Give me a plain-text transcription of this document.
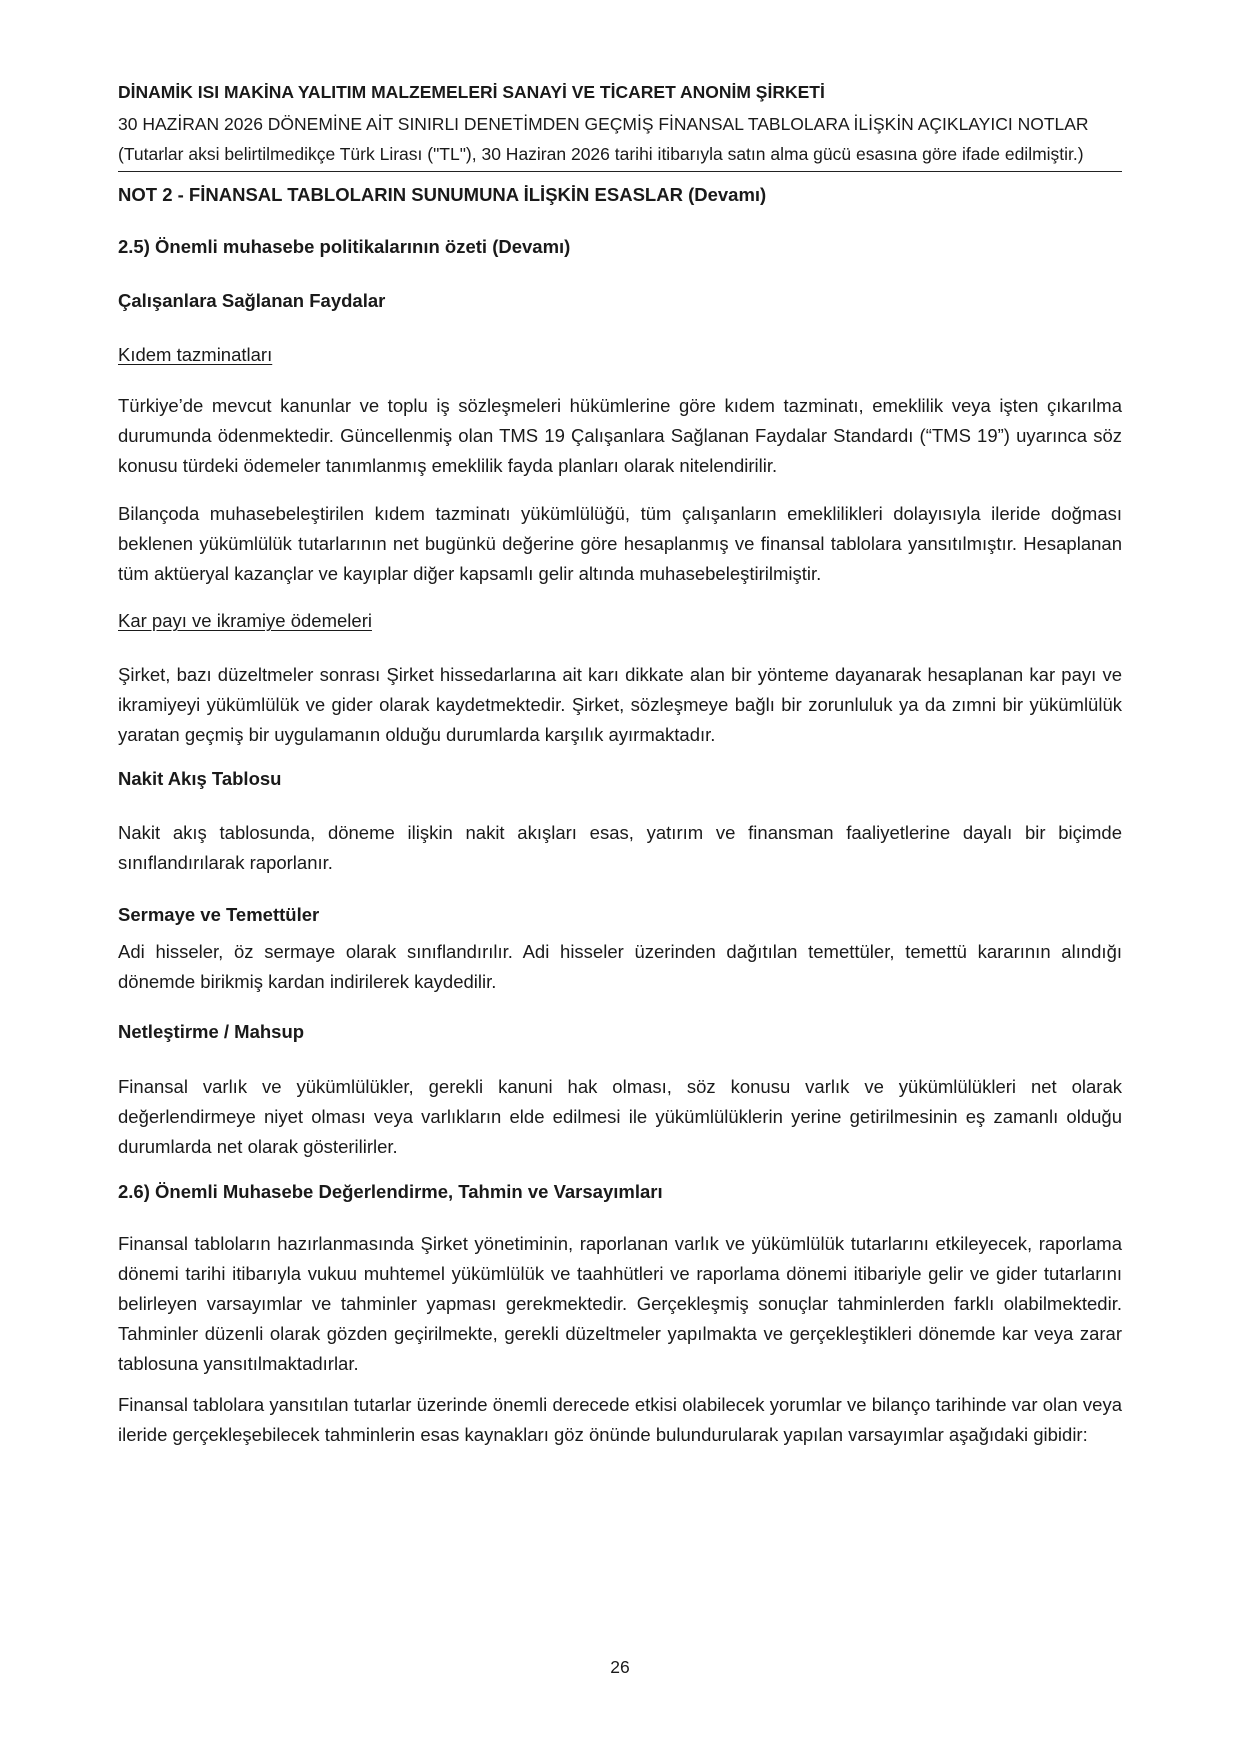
DİNAMİK ISI MAKİNA YALITIM MALZEMELERİ SANAYİ VE TİCARET ANONİM ŞİRKETİ
30 HAZİRAN 2026 DÖNEMİNE AİT SINIRLI DENETİMDEN GEÇMİŞ FİNANSAL TABLOLARA İLİŞKİN AÇIKLAYICI NOTLAR
(Tutarlar aksi belirtilmedikçe Türk Lirası ("TL"), 30 Haziran 2026 tarihi itibarıyla satın alma gücü esasına göre ifade edilmiştir.)
NOT 2 - FİNANSAL TABLOLARIN SUNUMUNA İLİŞKİN ESASLAR (Devamı)
2.5) Önemli muhasebe politikalarının özeti (Devamı)
Çalışanlara Sağlanan Faydalar
Kıdem tazminatları
Türkiye’de mevcut kanunlar ve toplu iş sözleşmeleri hükümlerine göre kıdem tazminatı, emeklilik veya işten çıkarılma durumunda ödenmektedir. Güncellenmiş olan TMS 19 Çalışanlara Sağlanan Faydalar Standardı (“TMS 19”) uyarınca söz konusu türdeki ödemeler tanımlanmış emeklilik fayda planları olarak nitelendirilir.
Bilançoda muhasebeleştirilen kıdem tazminatı yükümlülüğü, tüm çalışanların emeklilikleri dolayısıyla ileride doğması beklenen yükümlülük tutarlarının net bugünkü değerine göre hesaplanmış ve finansal tablolara yansıtılmıştır. Hesaplanan tüm aktüeryal kazançlar ve kayıplar diğer kapsamlı gelir altında muhasebeleştirilmiştir.
Kar payı ve ikramiye ödemeleri
Şirket, bazı düzeltmeler sonrası Şirket hissedarlarına ait karı dikkate alan bir yönteme dayanarak hesaplanan kar payı ve ikramiyeyi yükümlülük ve gider olarak kaydetmektedir. Şirket, sözleşmeye bağlı bir zorunluluk ya da zımni bir yükümlülük yaratan geçmiş bir uygulamanın olduğu durumlarda karşılık ayırmaktadır.
Nakit Akış Tablosu
Nakit akış tablosunda, döneme ilişkin nakit akışları esas, yatırım ve finansman faaliyetlerine dayalı bir biçimde sınıflandırılarak raporlanır.
Sermaye ve Temettüler
Adi hisseler, öz sermaye olarak sınıflandırılır. Adi hisseler üzerinden dağıtılan temettüler, temettü kararının alındığı dönemde birikmiş kardan indirilerek kaydedilir.
Netleştirme / Mahsup
Finansal varlık ve yükümlülükler, gerekli kanuni hak olması, söz konusu varlık ve yükümlülükleri net olarak değerlendirmeye niyet olması veya varlıkların elde edilmesi ile yükümlülüklerin yerine getirilmesinin eş zamanlı olduğu durumlarda net olarak gösterilirler.
2.6) Önemli Muhasebe Değerlendirme, Tahmin ve Varsayımları
Finansal tabloların hazırlanmasında Şirket yönetiminin, raporlanan varlık ve yükümlülük tutarlarını etkileyecek, raporlama dönemi tarihi itibarıyla vukuu muhtemel yükümlülük ve taahhütleri ve raporlama dönemi itibariyle gelir ve gider tutarlarını belirleyen varsayımlar ve tahminler yapması gerekmektedir. Gerçekleşmiş sonuçlar tahminlerden farklı olabilmektedir. Tahminler düzenli olarak gözden geçirilmekte, gerekli düzeltmeler yapılmakta ve gerçekleştikleri dönemde kar veya zarar tablosuna yansıtılmaktadırlar.
Finansal tablolara yansıtılan tutarlar üzerinde önemli derecede etkisi olabilecek yorumlar ve bilanço tarihinde var olan veya ileride gerçekleşebilecek tahminlerin esas kaynakları göz önünde bulundurularak yapılan varsayımlar aşağıdaki gibidir:
26
